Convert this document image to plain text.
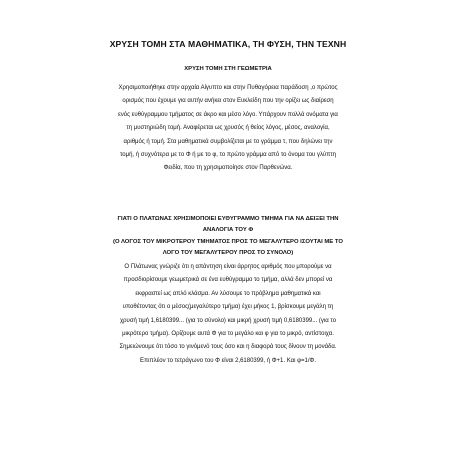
ΧΡΥΣΗ ΤΟΜΗ ΣΤΑ ΜΑΘΗΜΑΤΙΚΑ, ΤΗ ΦΥΣΗ, ΤΗΝ ΤΕΧΝΗ
ΧΡΥΣΗ ΤΟΜΗ ΣΤΗ ΓΕΩΜΕΤΡΙΑ
Χρησιμοποιήθηκε στην αρχαία Αίγυπτο και στην Πυθαγόρεια παράδοση ,ο πρώτος
ορισμός που έχουμε για αυτήν ανήκει στον Ευκλείδη που την ορίζει ως διαίρεση
ενός ευθύγραμμου τμήματος σε άκρο και μέσο λόγο. Υπάρχουν πολλά ονόματα για
τη μυστηριώδη τομή. Αναφέρεται ως χρυσός ή θείος λόγος, μέσος, αναλογία,
αριθμός ή τομή. Στα μαθηματικά συμβολίζεται με το γράμμα τ, που δηλώνει την
τομή, ή συχνότερα με το Φ ή με το φ, το πρώτο γράμμα από το όνομα του γλύπτη
Φειδία, που τη χρησιμοποίησε στον Παρθενώνα.
ΓΙΑΤΙ Ο ΠΛΑΤΩΝΑΣ ΧΡΗΣΙΜΟΠΟΙΕΙ ΕΥΘΥΓΡΑΜΜΟ ΤΜΗΜΑ ΓΙΑ ΝΑ ΔΕΙΞΕΙ ΤΗΝ
ΑΝΑΛΟΓΙΑ ΤΟΥ Φ
(Ο ΛΟΓΟΣ ΤΟΥ ΜΙΚΡΟΤΕΡΟΥ ΤΜΗΜΑΤΟΣ ΠΡΟΣ ΤΟ ΜΕΓΑΛΥΤΕΡΟ ΙΣΟΥΤΑΙ ΜΕ ΤΟ
ΛΟΓΟ ΤΟΥ ΜΕΓΑΛΥΤΕΡΟΥ ΠΡΟΣ ΤΟ ΣΥΝΟΛΟ)
Ο Πλάτωνας γνώριζε ότι η απάντηση είναι άρρητος αριθμός που μπορούμε να
προσδιορίσουμε γεωμετρικά σε ένα ευθύγραμμο το τμήμα, αλλά δεν μπορεί να
εκφραστεί ως απλό κλάσμα. Αν λύσουμε το πρόβλημα μαθηματικά και
υποθέτοντας ότι ο μέσος(μεγαλύτερο τμήμα) έχει μήκος 1, βρίσκουμε μεγάλη τη
χρυσή τιμή 1,6180399... (για το σύνολο) και μικρή χρυσή τιμή 0,6180399... (για το
μικρότερο τμήμα). Ορίζουμε αυτά Φ για το μεγάλο και φ για το μικρό, αντίστοιχα.
Σημειώνουμε ότι τόσο το γινόμενό τους όσο και η διαφορά τους δίνουν τη μονάδα.
Επιπλέον το τετράγωνο του Φ είναι 2,6180399, ή Φ+1. Και φ=1/Φ.
